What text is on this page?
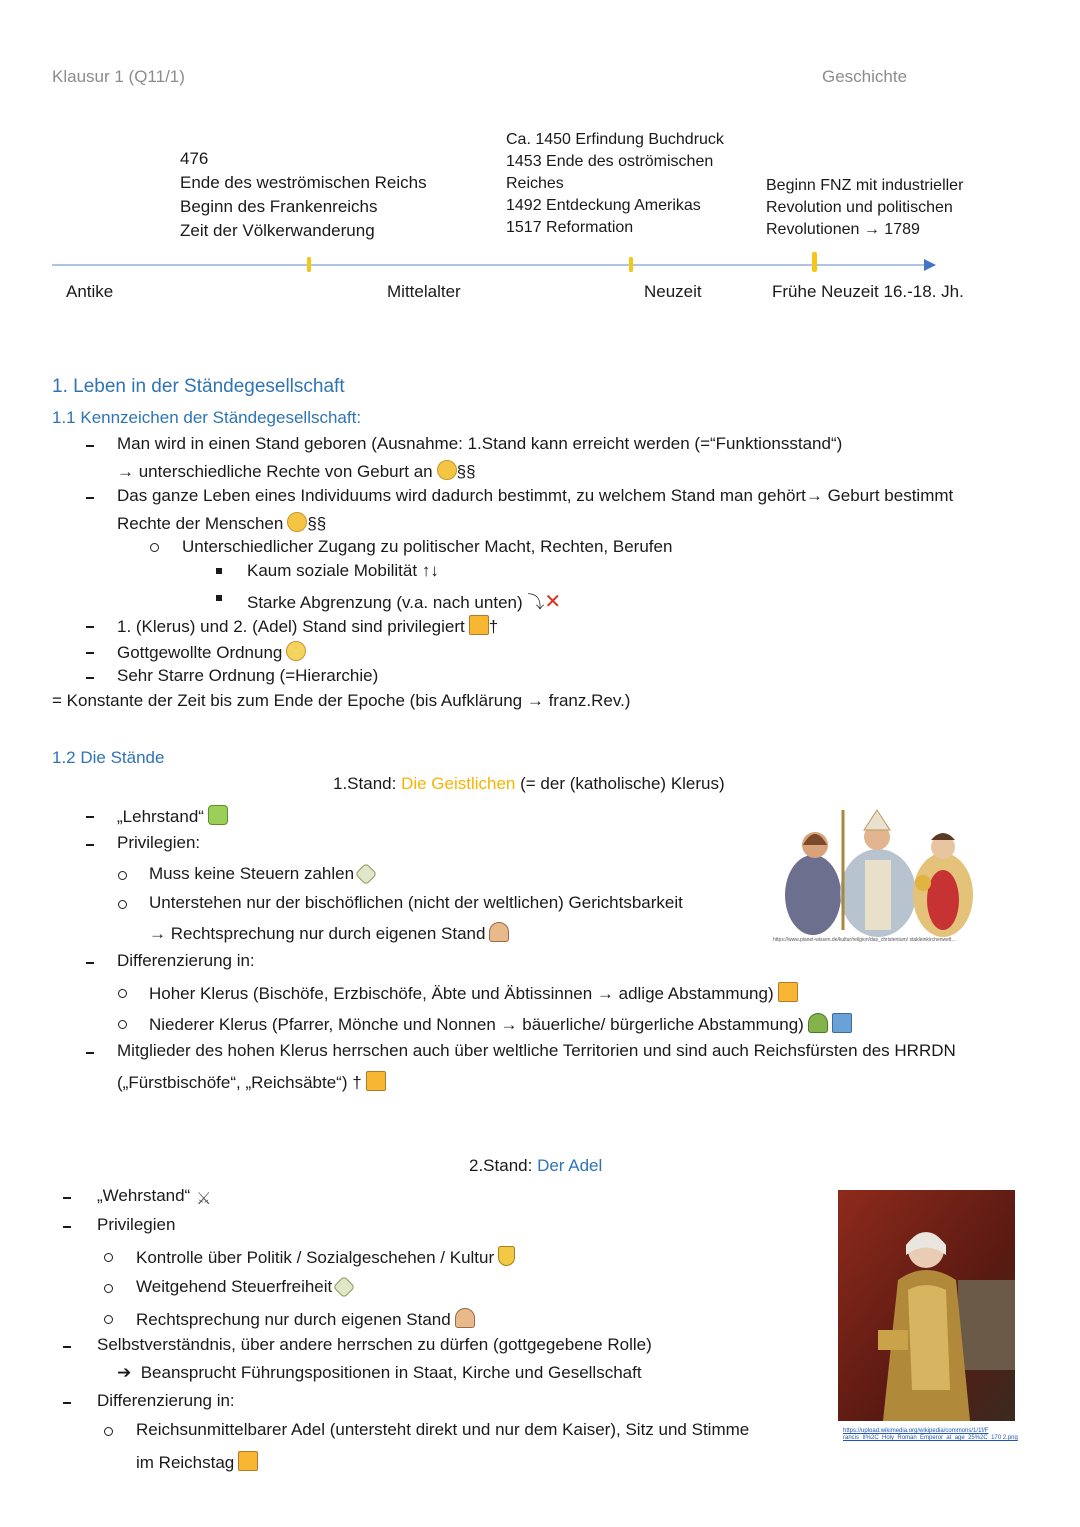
Klausur 1 (Q11/1)	Geschichte
476
Ende des weströmischen Reichs
Beginn des Frankenreichs
Zeit der Völkerwanderung
Ca. 1450 Erfindung Buchdruck
1453 Ende des oströmischen
Reiches
1492 Entdeckung Amerikas
1517 Reformation
Beginn FNZ mit industrieller
Revolution und politischen
Revolutionen → 1789
Antike	Mittelalter	Neuzeit	Frühe Neuzeit 16.-18. Jh.
1. Leben in der Ständegesellschaft
1.1 Kennzeichen der Ständegesellschaft:
Man wird in einen Stand geboren (Ausnahme: 1.Stand kann erreicht werden (=“Funktionsstand“)
→ unterschiedliche Rechte von Geburt an §§
Das ganze Leben eines Individuums wird dadurch bestimmt, zu welchem Stand man gehört→ Geburt bestimmt
Rechte der Menschen §§
Unterschiedlicher Zugang zu politischer Macht, Rechten, Berufen
Kaum soziale Mobilität ↑↓
Starke Abgrenzung (v.a. nach unten) ⤵✕
1. (Klerus) und 2. (Adel) Stand sind privilegiert †
Gottgewollte Ordnung
Sehr Starre Ordnung (=Hierarchie)
= Konstante der Zeit bis zum Ende der Epoche (bis Aufklärung → franz.Rev.)
1.2 Die Stände
1.Stand: Die Geistlichen (= der (katholische) Klerus)
„Lehrstand“
Privilegien:
Muss keine Steuern zahlen
Unterstehen nur der bischöflichen (nicht der weltlichen) Gerichtsbarkeit
→ Rechtsprechung nur durch eigenen Stand
Differenzierung in:
Hoher Klerus (Bischöfe, Erzbischöfe, Äbte und Äbtissinnen → adlige Abstammung)
Niederer Klerus (Pfarrer, Mönche und Nonnen → bäuerliche/ bürgerliche Abstammung)
Mitglieder des hohen Klerus herrschen auch über weltliche Territorien und sind auch Reichsfürsten des HRRDN
(„Fürstbischöfe“, „Reichsäbte“) †
https://www.planet-wissen.de/kultur/religion/das_christentum/ stakleinkirchenwelt...
2.Stand: Der Adel
„Wehrstand“ ⚔
Privilegien
Kontrolle über Politik / Sozialgeschehen / Kultur
Weitgehend Steuerfreiheit
Rechtsprechung nur durch eigenen Stand
Selbstverständnis, über andere herrschen zu dürfen (gottgegebene Rolle)
➔ Beansprucht Führungspositionen in Staat, Kirche und Gesellschaft
Differenzierung in:
Reichsunmittelbarer Adel (untersteht direkt und nur dem Kaiser), Sitz und Stimme
im Reichstag
https://upload.wikimedia.org/wikipedia/commons/1/1f/F rancis_II%2C_Holy_Roman_Emperor_at_age_25%2C_170 2.png
